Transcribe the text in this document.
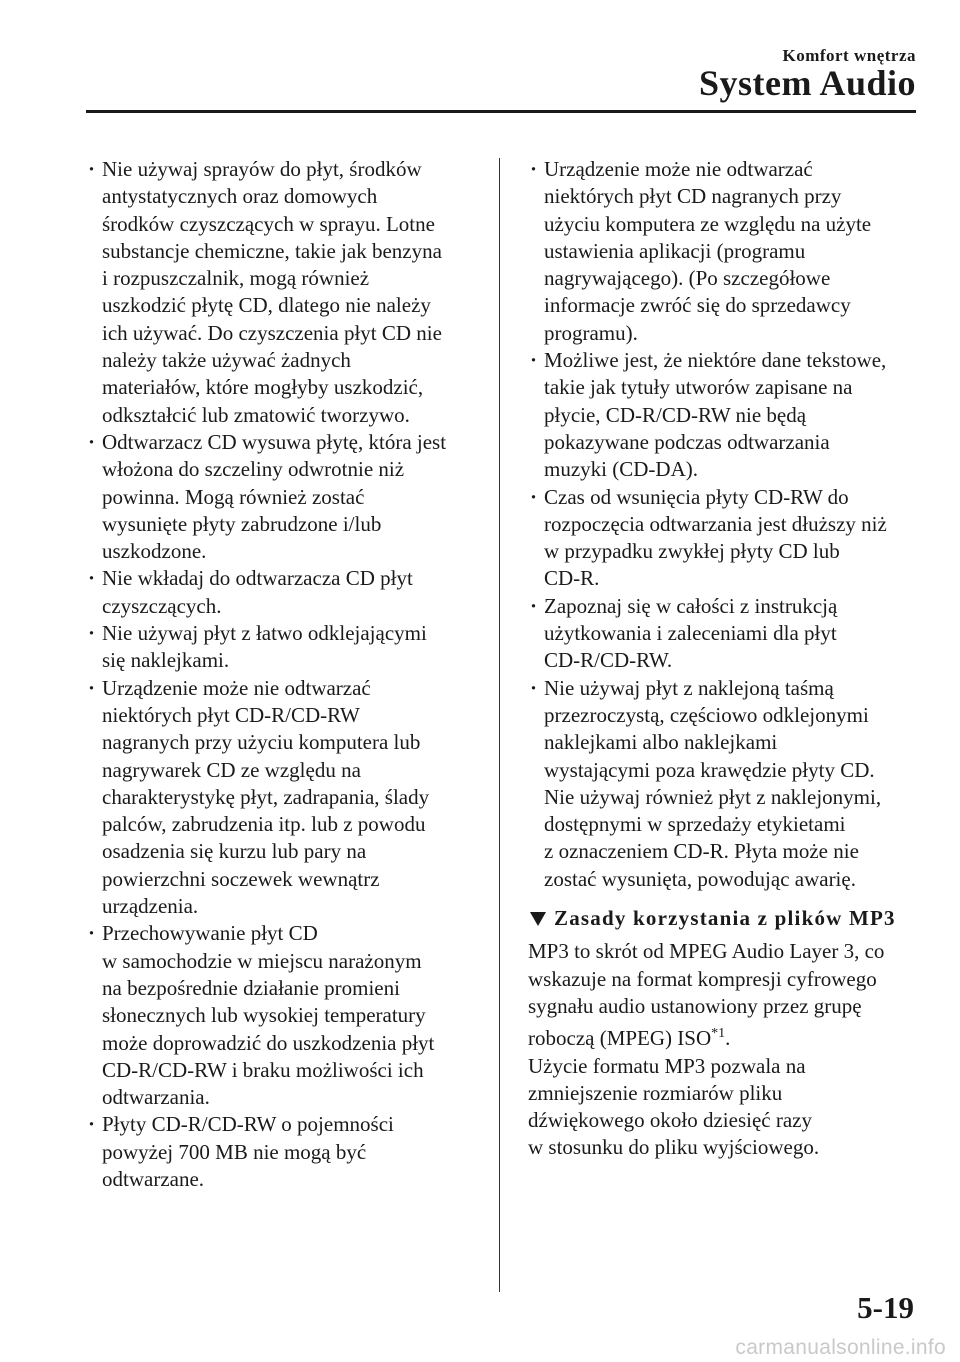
Komfort wnętrza
System Audio
· Nie używaj sprayów do płyt, środków
antystatycznych oraz domowych
środków czyszczących w sprayu. Lotne
substancje chemiczne, takie jak benzyna
i rozpuszczalnik, mogą również
uszkodzić płytę CD, dlatego nie należy
ich używać. Do czyszczenia płyt CD nie
należy także używać żadnych
materiałów, które mogłyby uszkodzić,
odkształcić lub zmatowić tworzywo.
· Odtwarzacz CD wysuwa płytę, która jest
włożona do szczeliny odwrotnie niż
powinna. Mogą również zostać
wysunięte płyty zabrudzone i/lub
uszkodzone.
· Nie wkładaj do odtwarzacza CD płyt
czyszczących.
· Nie używaj płyt z łatwo odklejającymi
się naklejkami.
· Urządzenie może nie odtwarzać
niektórych płyt CD-R/CD-RW
nagranych przy użyciu komputera lub
nagrywarek CD ze względu na
charakterystykę płyt, zadrapania, ślady
palców, zabrudzenia itp. lub z powodu
osadzenia się kurzu lub pary na
powierzchni soczewek wewnątrz
urządzenia.
· Przechowywanie płyt CD
w samochodzie w miejscu narażonym
na bezpośrednie działanie promieni
słonecznych lub wysokiej temperatury
może doprowadzić do uszkodzenia płyt
CD-R/CD-RW i braku możliwości ich
odtwarzania.
· Płyty CD-R/CD-RW o pojemności
powyżej 700 MB nie mogą być
odtwarzane.
· Urządzenie może nie odtwarzać
niektórych płyt CD nagranych przy
użyciu komputera ze względu na użyte
ustawienia aplikacji (programu
nagrywającego). (Po szczegółowe
informacje zwróć się do sprzedawcy
programu).
· Możliwe jest, że niektóre dane tekstowe,
takie jak tytuły utworów zapisane na
płycie, CD-R/CD-RW nie będą
pokazywane podczas odtwarzania
muzyki (CD-DA).
· Czas od wsunięcia płyty CD-RW do
rozpoczęcia odtwarzania jest dłuższy niż
w przypadku zwykłej płyty CD lub
CD-R.
· Zapoznaj się w całości z instrukcją
użytkowania i zaleceniami dla płyt
CD-R/CD-RW.
· Nie używaj płyt z naklejoną taśmą
przezroczystą, częściowo odklejonymi
naklejkami albo naklejkami
wystającymi poza krawędzie płyty CD.
Nie używaj również płyt z naklejonymi,
dostępnymi w sprzedaży etykietami
z oznaczeniem CD-R. Płyta może nie
zostać wysunięta, powodując awarię.
Zasady korzystania z plików MP3

MP3 to skrót od MPEG Audio Layer 3, co
wskazuje na format kompresji cyfrowego
sygnału audio ustanowiony przez grupę
roboczą (MPEG) ISO$^{*1}$.

Użycie formatu MP3 pozwala na
zmniejszenie rozmiarów pliku
dźwiękowego około dziesięć razy
w stosunku do pliku wyjściowego.

5-19
carmanualsonline.info
